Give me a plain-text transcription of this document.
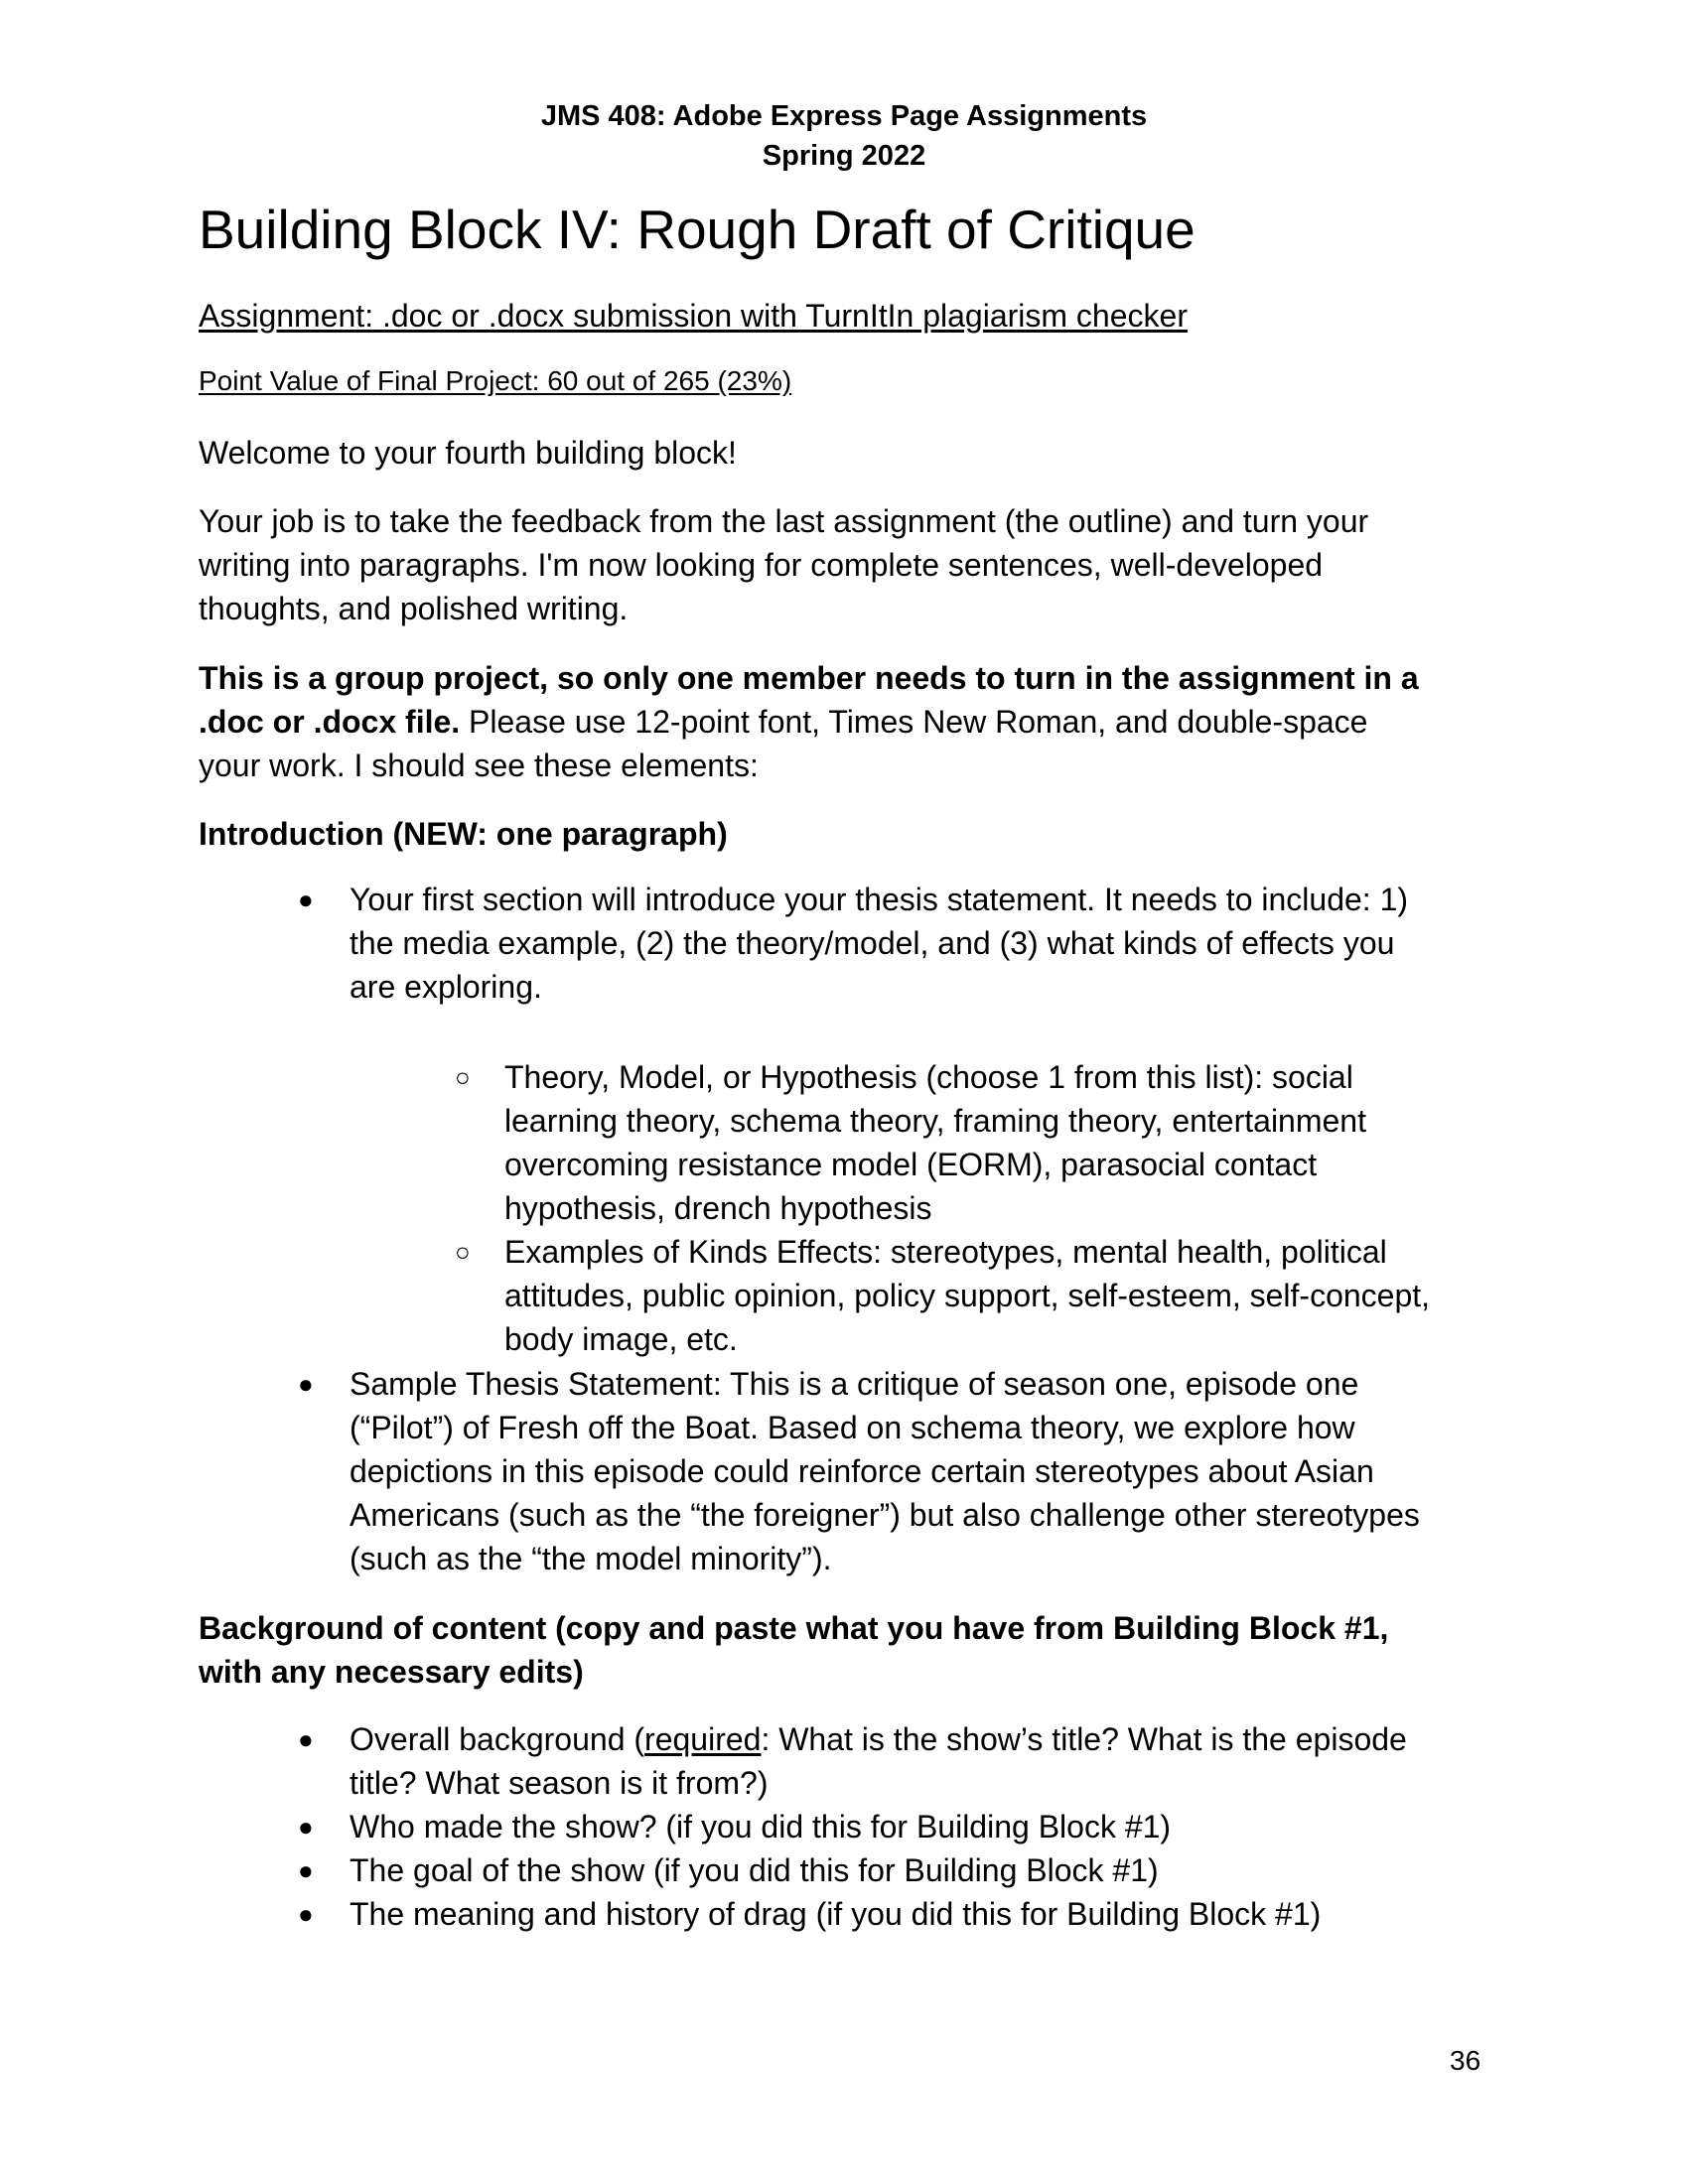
JMS 408: Adobe Express Page Assignments
Spring 2022
Building Block IV: Rough Draft of Critique
Assignment: .doc or .docx submission with TurnItIn plagiarism checker
Point Value of Final Project: 60 out of 265 (23%)
Welcome to your fourth building block!
Your job is to take the feedback from the last assignment (the outline) and turn your
writing into paragraphs. I'm now looking for complete sentences, well-developed
thoughts, and polished writing.
This is a group project, so only one member needs to turn in the assignment in a
.doc or .docx file. Please use 12-point font, Times New Roman, and double-space
your work. I should see these elements:
Introduction (NEW: one paragraph)
● Your first section will introduce your thesis statement. It needs to include: 1)
the media example, (2) the theory/model, and (3) what kinds of effects you
are exploring.
○ Theory, Model, or Hypothesis (choose 1 from this list): social
learning theory, schema theory, framing theory, entertainment
overcoming resistance model (EORM), parasocial contact
hypothesis, drench hypothesis
○ Examples of Kinds Effects: stereotypes, mental health, political
attitudes, public opinion, policy support, self-esteem, self-concept,
body image, etc.
● Sample Thesis Statement: This is a critique of season one, episode one
(“Pilot”) of Fresh off the Boat. Based on schema theory, we explore how
depictions in this episode could reinforce certain stereotypes about Asian
Americans (such as the “the foreigner”) but also challenge other stereotypes
(such as the “the model minority”).
Background of content (copy and paste what you have from Building Block #1,
with any necessary edits)
● Overall background (required: What is the show’s title? What is the episode
title? What season is it from?)
● Who made the show? (if you did this for Building Block #1)
● The goal of the show (if you did this for Building Block #1)
● The meaning and history of drag (if you did this for Building Block #1)
36
